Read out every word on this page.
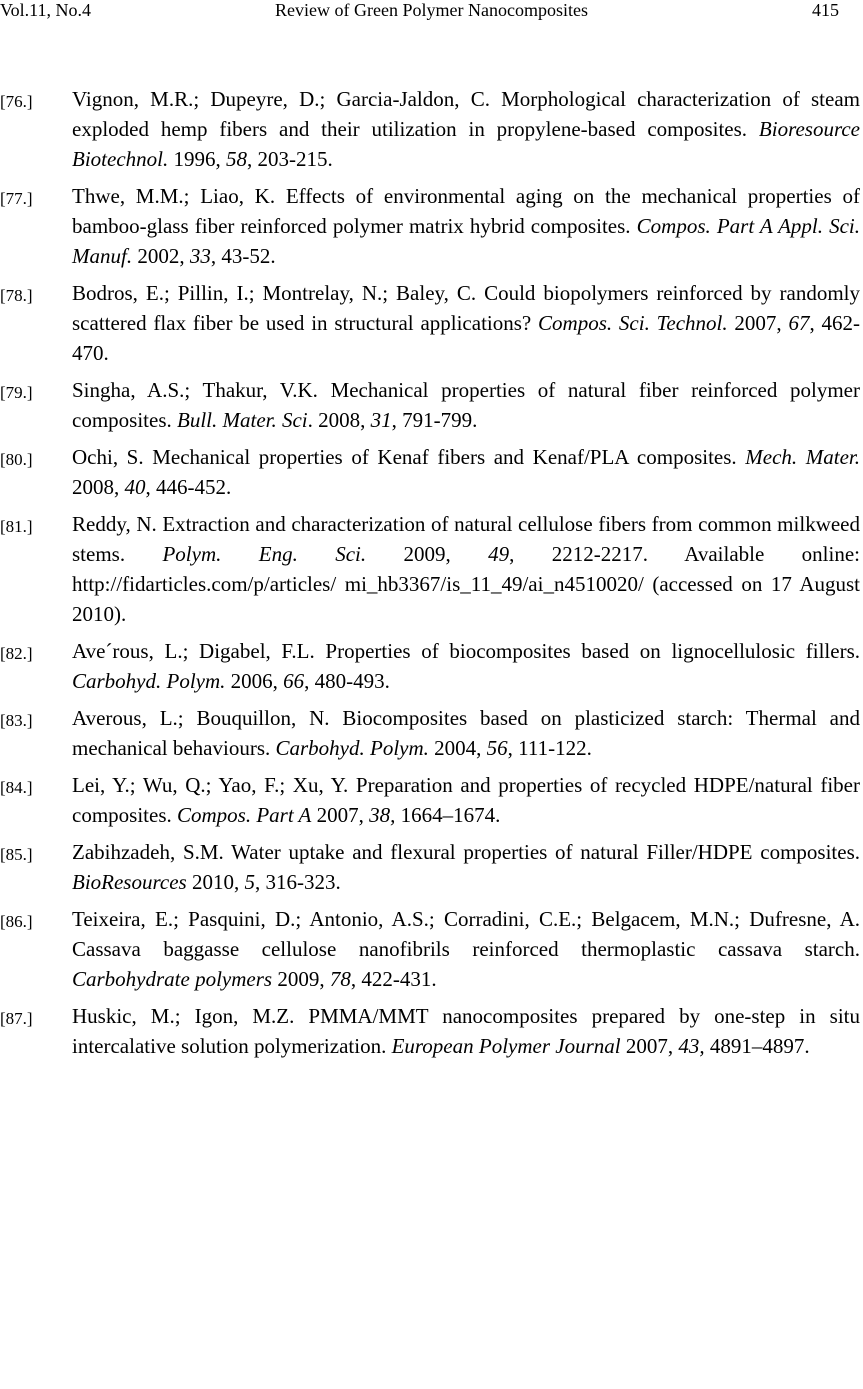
Vol.11, No.4	Review of Green Polymer Nanocomposites	415
[76.] Vignon, M.R.; Dupeyre, D.; Garcia-Jaldon, C. Morphological characterization of steam exploded hemp fibers and their utilization in propylene-based composites. Bioresource Biotechnol. 1996, 58, 203-215.
[77.] Thwe, M.M.; Liao, K. Effects of environmental aging on the mechanical properties of bamboo-glass fiber reinforced polymer matrix hybrid composites. Compos. Part A Appl. Sci. Manuf. 2002, 33, 43-52.
[78.] Bodros, E.; Pillin, I.; Montrelay, N.; Baley, C. Could biopolymers reinforced by randomly scattered flax fiber be used in structural applications? Compos. Sci. Technol. 2007, 67, 462-470.
[79.] Singha, A.S.; Thakur, V.K. Mechanical properties of natural fiber reinforced polymer composites. Bull. Mater. Sci. 2008, 31, 791-799.
[80.] Ochi, S. Mechanical properties of Kenaf fibers and Kenaf/PLA composites. Mech. Mater. 2008, 40, 446-452.
[81.] Reddy, N. Extraction and characterization of natural cellulose fibers from common milkweed stems. Polym. Eng. Sci. 2009, 49, 2212-2217. Available online: http://fidarticles.com/p/articles/ mi_hb3367/is_11_49/ai_n4510020/ (accessed on 17 August 2010).
[82.] Ave´rous, L.; Digabel, F.L. Properties of biocomposites based on lignocellulosic fillers. Carbohyd. Polym. 2006, 66, 480-493.
[83.] Averous, L.; Bouquillon, N. Biocomposites based on plasticized starch: Thermal and mechanical behaviours. Carbohyd. Polym. 2004, 56, 111-122.
[84.] Lei, Y.; Wu, Q.; Yao, F.; Xu, Y. Preparation and properties of recycled HDPE/natural fiber composites. Compos. Part A 2007, 38, 1664–1674.
[85.] Zabihzadeh, S.M. Water uptake and flexural properties of natural Filler/HDPE composites. BioResources 2010, 5, 316-323.
[86.] Teixeira, E.; Pasquini, D.; Antonio, A.S.; Corradini, C.E.; Belgacem, M.N.; Dufresne, A. Cassava baggasse cellulose nanofibrils reinforced thermoplastic cassava starch. Carbohydrate polymers 2009, 78, 422-431.
[87.] Huskic, M.; Igon, M.Z. PMMA/MMT nanocomposites prepared by one-step in situ intercalative solution polymerization. European Polymer Journal 2007, 43, 4891–4897.
